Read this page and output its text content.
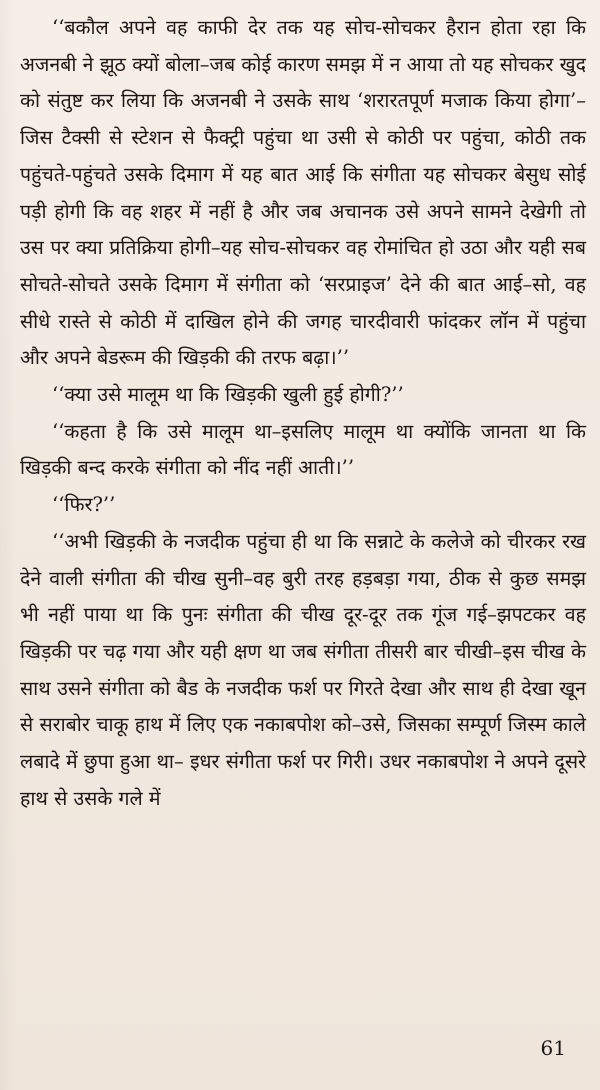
‘‘बकौल अपने वह काफी देर तक यह सोच-सोचकर हैरान होता रहा कि अजनबी ने झूठ क्यों बोला–जब कोई कारण समझ में न आया तो यह सोचकर खुद को संतुष्ट कर लिया कि अजनबी ने उसके साथ ‘शरारतपूर्ण मजाक किया होगा’–जिस टैक्सी से स्टेशन से फैक्ट्री पहुंचा था उसी से कोठी पर पहुंचा, कोठी तक पहुंचते-पहुंचते उसके दिमाग में यह बात आई कि संगीता यह सोचकर बेसुध सोई पड़ी होगी कि वह शहर में नहीं है और जब अचानक उसे अपने सामने देखेगी तो उस पर क्या प्रतिक्रिया होगी–यह सोच-सोचकर वह रोमांचित हो उठा और यही सब सोचते-सोचते उसके दिमाग में संगीता को ‘सरप्राइज’ देने की बात आई–सो, वह सीधे रास्ते से कोठी में दाखिल होने की जगह चारदीवारी फांदकर लॉन में पहुंचा और अपने बेडरूम की खिड़की की तरफ बढ़ा।’’

‘‘क्या उसे मालूम था कि खिड़की खुली हुई होगी?’’

‘‘कहता है कि उसे मालूम था–इसलिए मालूम था क्योंकि जानता था कि खिड़की बन्द करके संगीता को नींद नहीं आती।’’

‘‘फिर?’’

‘‘अभी खिड़की के नजदीक पहुंचा ही था कि सन्नाटे के कलेजे को चीरकर रख देने वाली संगीता की चीख सुनी–वह बुरी तरह हड़बड़ा गया, ठीक से कुछ समझ भी नहीं पाया था कि पुनः संगीता की चीख दूर-दूर तक गूंज गई–झपटकर वह खिड़की पर चढ़ गया और यही क्षण था जब संगीता तीसरी बार चीखी–इस चीख के साथ उसने संगीता को बैड के नजदीक फर्श पर गिरते देखा और साथ ही देखा खून से सराबोर चाकू हाथ में लिए एक नकाबपोश को–उसे, जिसका सम्पूर्ण जिस्म काले लबादे में छुपा हुआ था– इधर संगीता फर्श पर गिरी। उधर नकाबपोश ने अपने दूसरे हाथ से उसके गले में

61
